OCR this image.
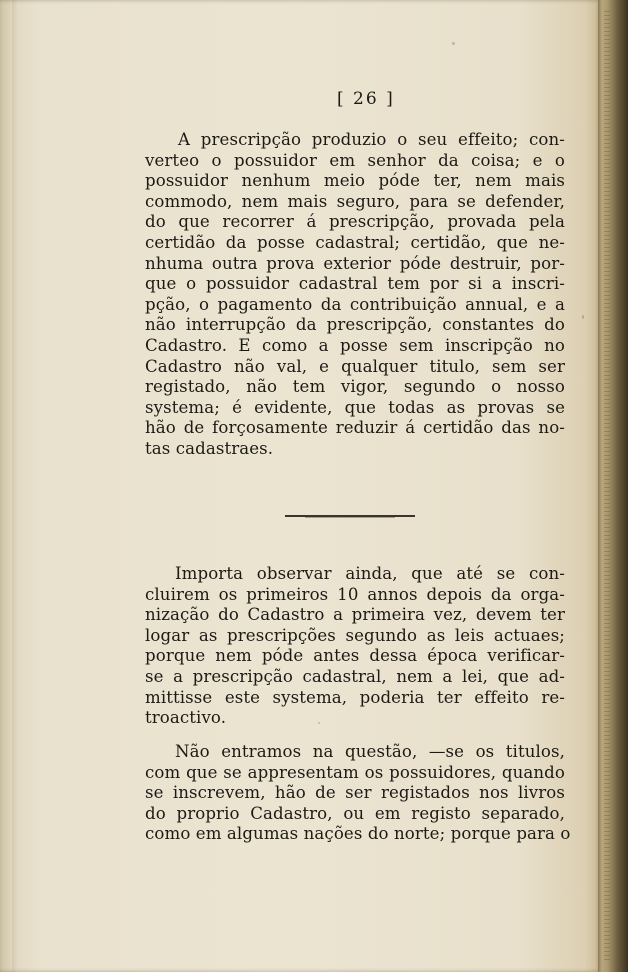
[ 26 ]
A prescripção produzio o seu effeito; con-
verteo o possuidor em senhor da coisa; e o
possuidor nenhum meio póde ter, nem mais
commodo, nem mais seguro, para se defender,
do que recorrer á prescripção, provada pela
certidão da posse cadastral; certidão, que ne-
nhuma outra prova exterior póde destruir, por-
que o possuidor cadastral tem por si a inscri-
pção, o pagamento da contribuição annual, e a
não interrupção da prescripção, constantes do
Cadastro. E como a posse sem inscripção no
Cadastro não val, e qualquer titulo, sem ser
registado, não tem vigor, segundo o nosso
systema; é evidente, que todas as provas se
hão de forçosamente reduzir á certidão das no-
tas cadastraes.
Importa observar ainda, que até se con-
cluirem os primeiros 10 annos depois da orga-
nização do Cadastro a primeira vez, devem ter
logar as prescripções segundo as leis actuaes;
porque nem póde antes dessa época verificar-
se a prescripção cadastral, nem a lei, que ad-
mittisse este systema, poderia ter effeito re-
troactivo.
Não entramos na questão, —se os titulos,
com que se appresentam os possuidores, quando
se inscrevem, hão de ser registados nos livros
do proprio Cadastro, ou em registo separado,
como em algumas nações do norte; porque para o
